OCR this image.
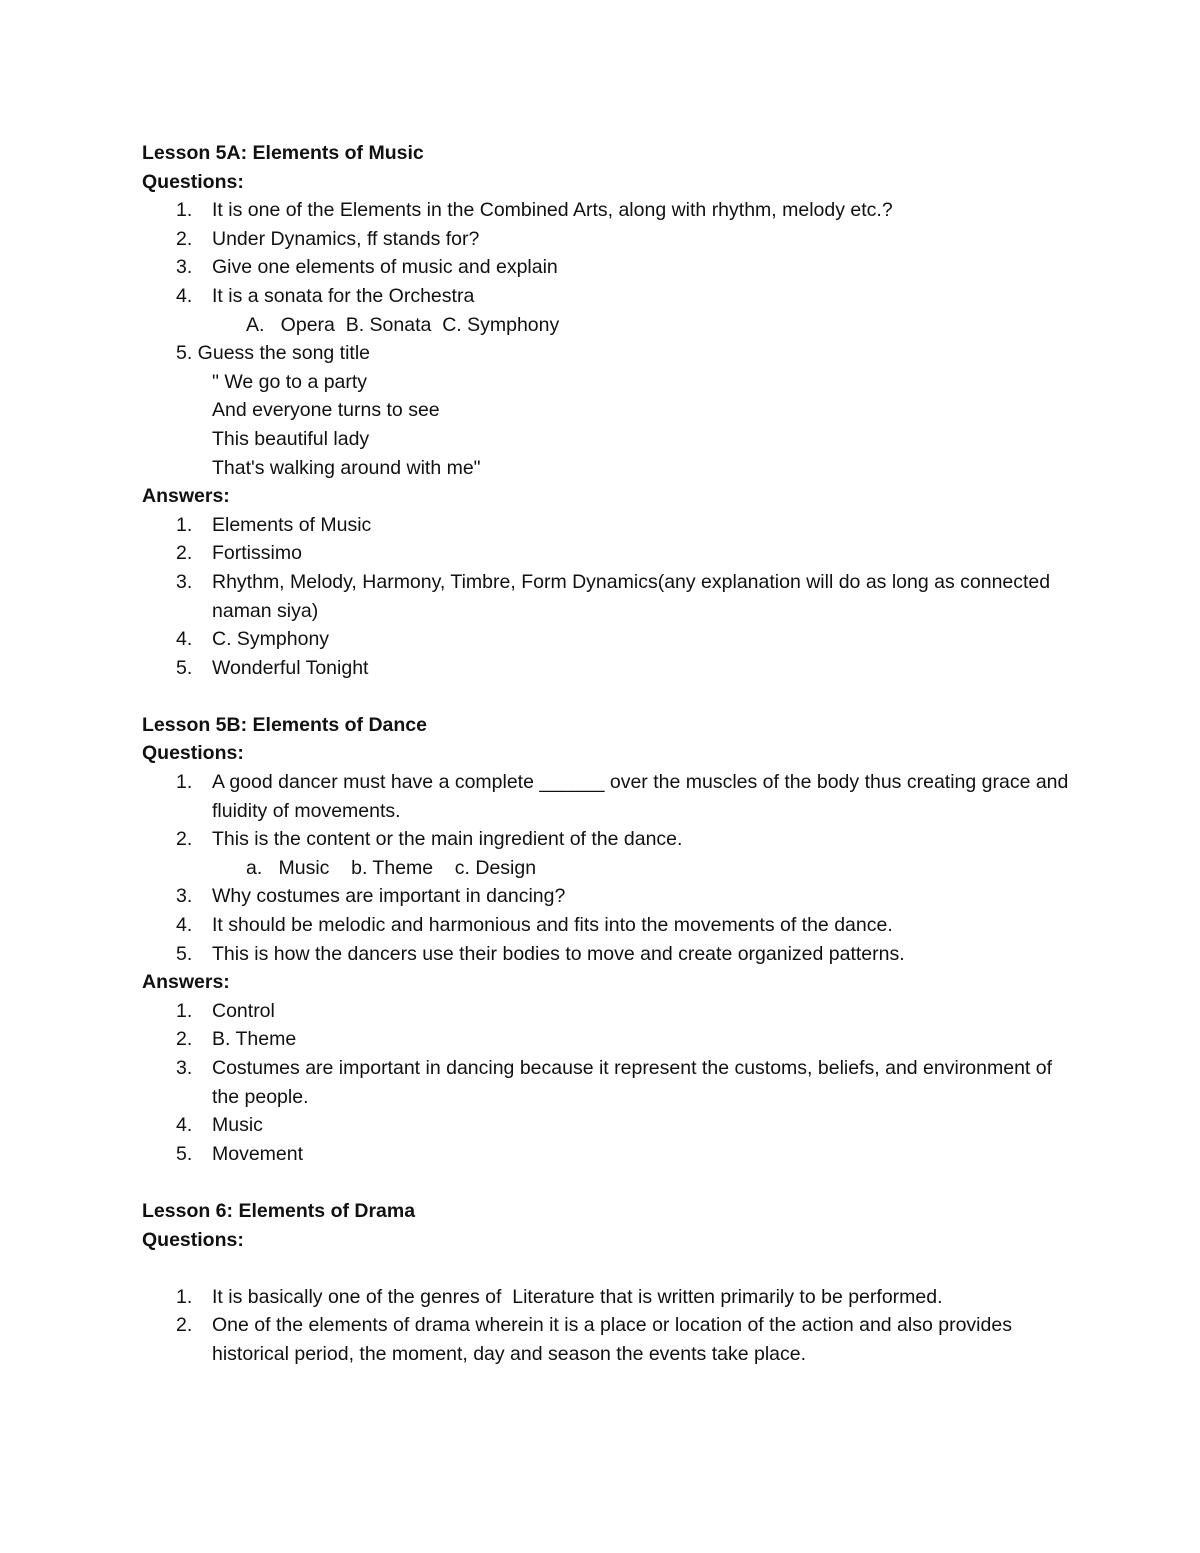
Lesson 5A: Elements of Music

Questions:

1. It is one of the Elements in the Combined Arts, along with rhythm, melody etc.?
2. Under Dynamics, ff stands for?
3. Give one elements of music and explain
4. It is a sonata for the Orchestra
A.   Opera  B. Sonata  C. Symphony
5. Guess the song title
" We go to a party
And everyone turns to see
This beautiful lady
That's walking around with me"

Answers:

1. Elements of Music
2. Fortissimo
3. Rhythm, Melody, Harmony, Timbre, Form Dynamics(any explanation will do as long as connected naman siya)
4. C. Symphony
5. Wonderful Tonight

Lesson 5B: Elements of Dance

Questions:

1. A good dancer must have a complete ______ over the muscles of the body thus creating grace and fluidity of movements.
2. This is the content or the main ingredient of the dance.
a.   Music    b. Theme    c. Design
3. Why costumes are important in dancing?
4. It should be melodic and harmonious and fits into the movements of the dance.
5. This is how the dancers use their bodies to move and create organized patterns.

Answers:

1. Control
2. B. Theme
3. Costumes are important in dancing because it represent the customs, beliefs, and environment of the people.
4. Music
5. Movement

Lesson 6: Elements of Drama

Questions:

1. It is basically one of the genres of  Literature that is written primarily to be performed.
2. One of the elements of drama wherein it is a place or location of the action and also provides historical period, the moment, day and season the events take place.
